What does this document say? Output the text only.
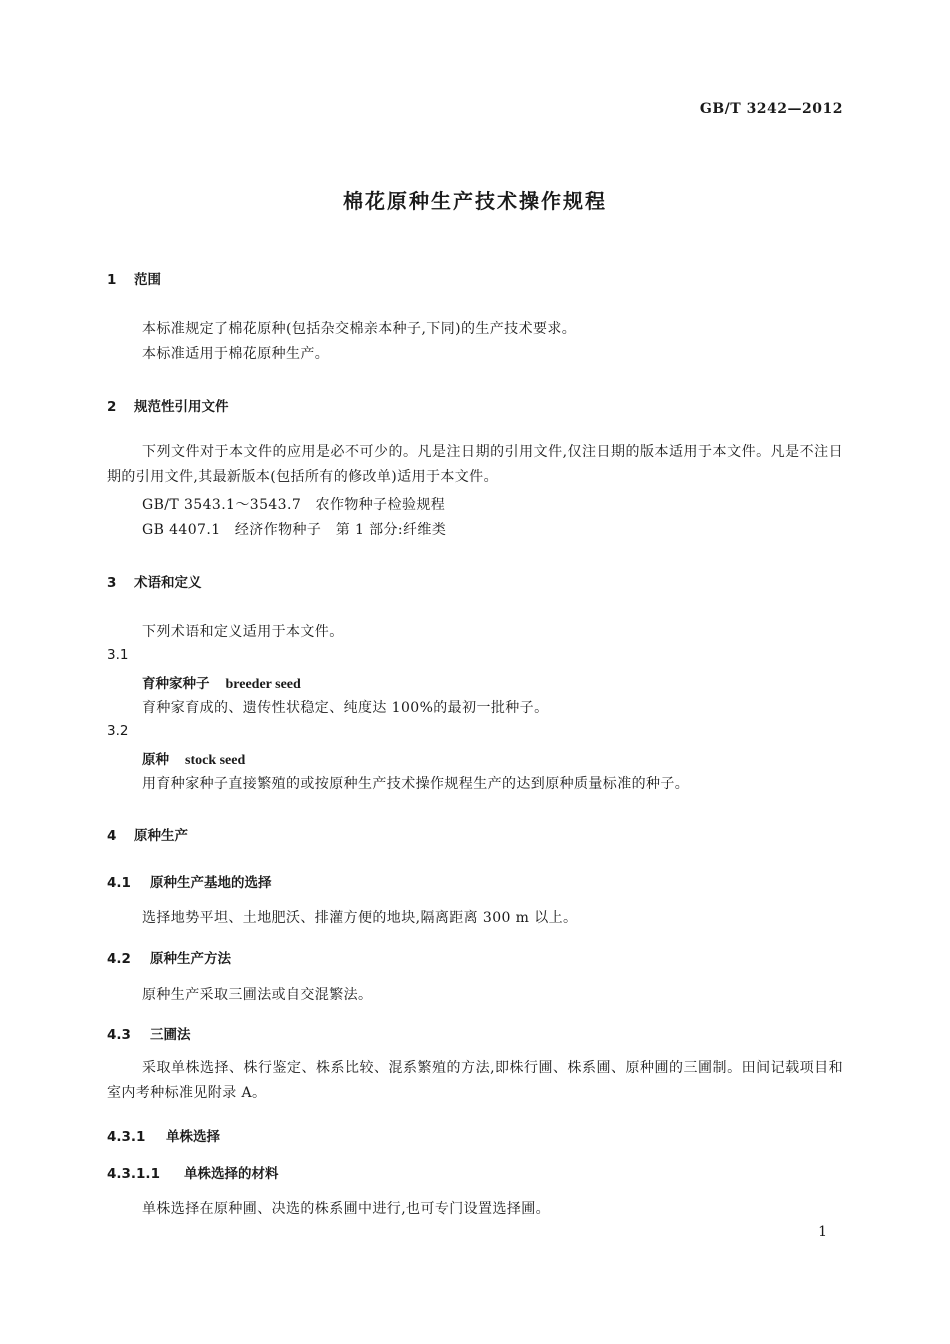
GB/T 3242—2012
棉花原种生产技术操作规程
1 范围
本标准规定了棉花原种(包括杂交棉亲本种子,下同)的生产技术要求。
本标准适用于棉花原种生产。
2 规范性引用文件
下列文件对于本文件的应用是必不可少的。凡是注日期的引用文件,仅注日期的版本适用于本文件。凡是不注日期的引用文件,其最新版本(包括所有的修改单)适用于本文件。
GB/T 3543.1～3543.7　农作物种子检验规程
GB 4407.1　经济作物种子　第 1 部分:纤维类
3 术语和定义
下列术语和定义适用于本文件。
3.1
育种家种子 breeder seed
育种家育成的、遗传性状稳定、纯度达 100%的最初一批种子。
3.2
原种 stock seed
用育种家种子直接繁殖的或按原种生产技术操作规程生产的达到原种质量标准的种子。
4 原种生产
4.1 原种生产基地的选择
选择地势平坦、土地肥沃、排灌方便的地块,隔离距离 300 m 以上。
4.2 原种生产方法
原种生产采取三圃法或自交混繁法。
4.3 三圃法
采取单株选择、株行鉴定、株系比较、混系繁殖的方法,即株行圃、株系圃、原种圃的三圃制。田间记载项目和室内考种标准见附录 A。
4.3.1 单株选择
4.3.1.1 单株选择的材料
单株选择在原种圃、决选的株系圃中进行,也可专门设置选择圃。
1
